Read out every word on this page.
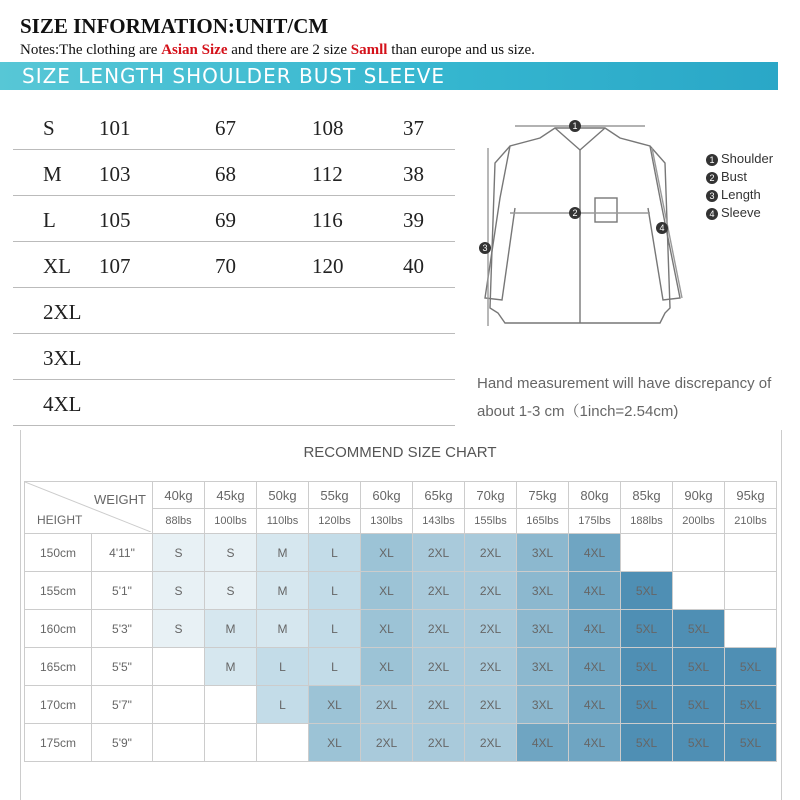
SIZE INFORMATION:UNIT/CM
Notes:The clothing are Asian Size and there are 2 size Samll than europe and us size.
SIZE LENGTH SHOULDER BUST SLEEVE
S 101	67	108	37
M 103	68	112	38
L 105	69	116	39
XL 107	70	120	40
2XL
3XL
4XL
1
2
3
4
1 Shoulder
2 Bust
3 Length
4 Sleeve
Hand measurement will have discrepancy of about 1-3 cm（1inch=2.54cm)
RECOMMEND SIZE CHART
WEIGHT
HEIGHT		40kg	45kg	50kg	55kg	60kg	65kg	70kg	75kg	80kg	85kg	90kg	95kg
		88lbs	100lbs	110lbs	120lbs	130lbs	143lbs	155lbs	165lbs	175lbs	188lbs	200lbs	210lbs
150cm	4'11"	S	S	M	L	XL	2XL	2XL	3XL	4XL			
155cm	5'1"	S	S	M	L	XL	2XL	2XL	3XL	4XL	5XL		
160cm	5'3"	S	M	M	L	XL	2XL	2XL	3XL	4XL	5XL	5XL	
165cm	5'5"		M	L	L	XL	2XL	2XL	3XL	4XL	5XL	5XL	5XL
170cm	5'7"			L	XL	2XL	2XL	2XL	3XL	4XL	5XL	5XL	5XL
175cm	5'9"				XL	2XL	2XL	2XL	4XL	4XL	5XL	5XL	5XL
